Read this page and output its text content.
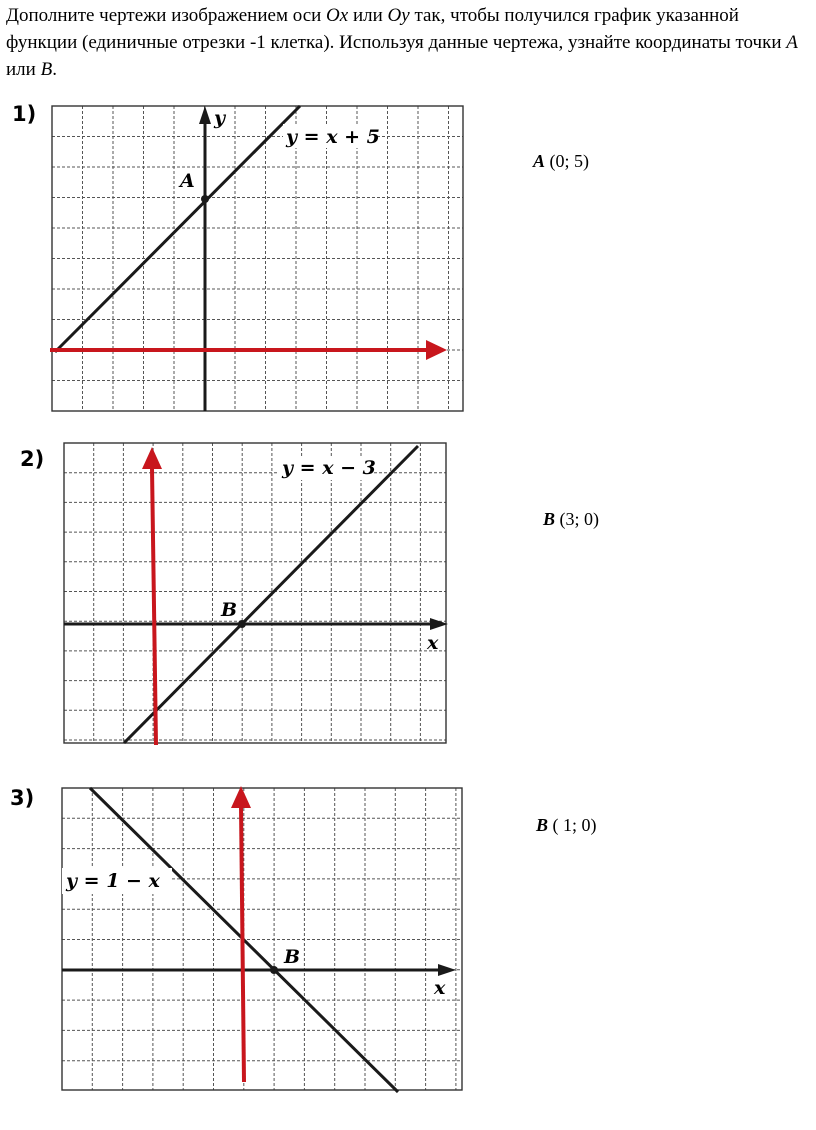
Дополните чертежи изображением оси Ox или Oy так, чтобы получился график указанной функции (единичные отрезки -1 клетка). Используя данные чертежа, узнайте координаты точки A или B.

1)	y
y = x + 5
A
A (0; 5)
2)
x
y = x − 3
B
B (3; 0)
3)
x
y = 1 − x
B
B ( 1; 0)
